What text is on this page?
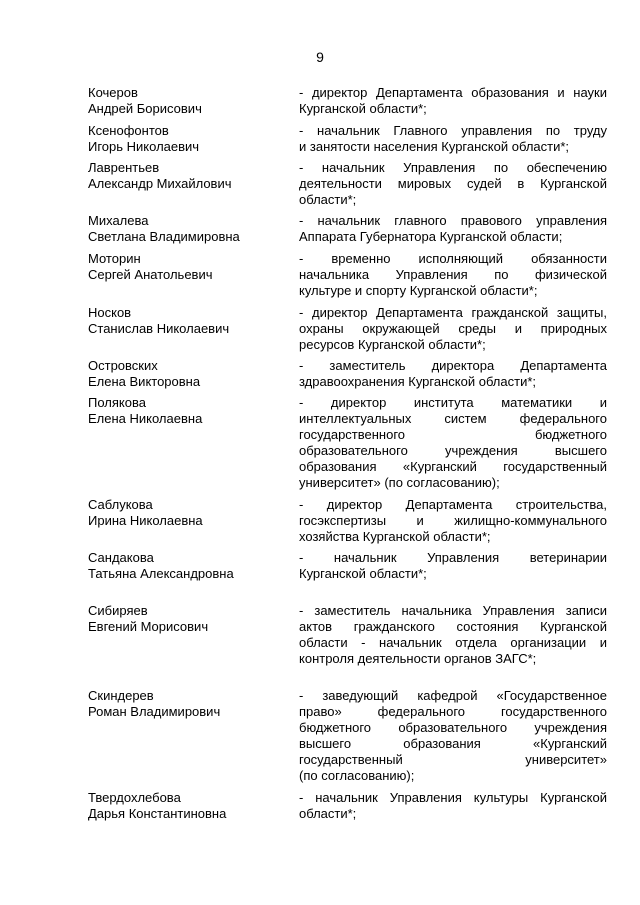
9
Кочеров
Андрей Борисович
- директор Департамента образования и науки
Курганской области*;
Ксенофонтов
Игорь Николаевич
- начальник Главного управления по труду
и занятости населения Курганской области*;
Лаврентьев
Александр Михайлович
- начальник Управления по обеспечению
деятельности мировых судей в Курганской
области*;
Михалева
Светлана Владимировна
- начальник главного правового управления
Аппарата Губернатора Курганской области;
Моторин
Сергей Анатольевич
- временно исполняющий обязанности
начальника Управления по физической
культуре и спорту Курганской области*;
Носков
Станислав Николаевич
- директор Департамента гражданской защиты,
охраны окружающей среды и природных
ресурсов Курганской области*;
Островских
Елена Викторовна
- заместитель директора Департамента
здравоохранения Курганской области*;
Полякова
Елена Николаевна
- директор института математики и
интеллектуальных систем федерального
государственного бюджетного
образовательного учреждения высшего
образования «Курганский государственный
университет» (по согласованию);
Саблукова
Ирина Николаевна
- директор Департамента строительства,
госэкспертизы и жилищно-коммунального
хозяйства Курганской области*;
Сандакова
Татьяна Александровна
- начальник Управления ветеринарии
Курганской области*;
Сибиряев
Евгений Морисович
- заместитель начальника Управления записи
актов гражданского состояния Курганской
области - начальник отдела организации и
контроля деятельности органов ЗАГС*;
Скиндерев
Роман Владимирович
- заведующий кафедрой «Государственное
право» федерального государственного
бюджетного образовательного учреждения
высшего образования «Курганский
государственный университет»
(по согласованию);
Твердохлебова
Дарья Константиновна
- начальник Управления культуры Курганской
области*;
